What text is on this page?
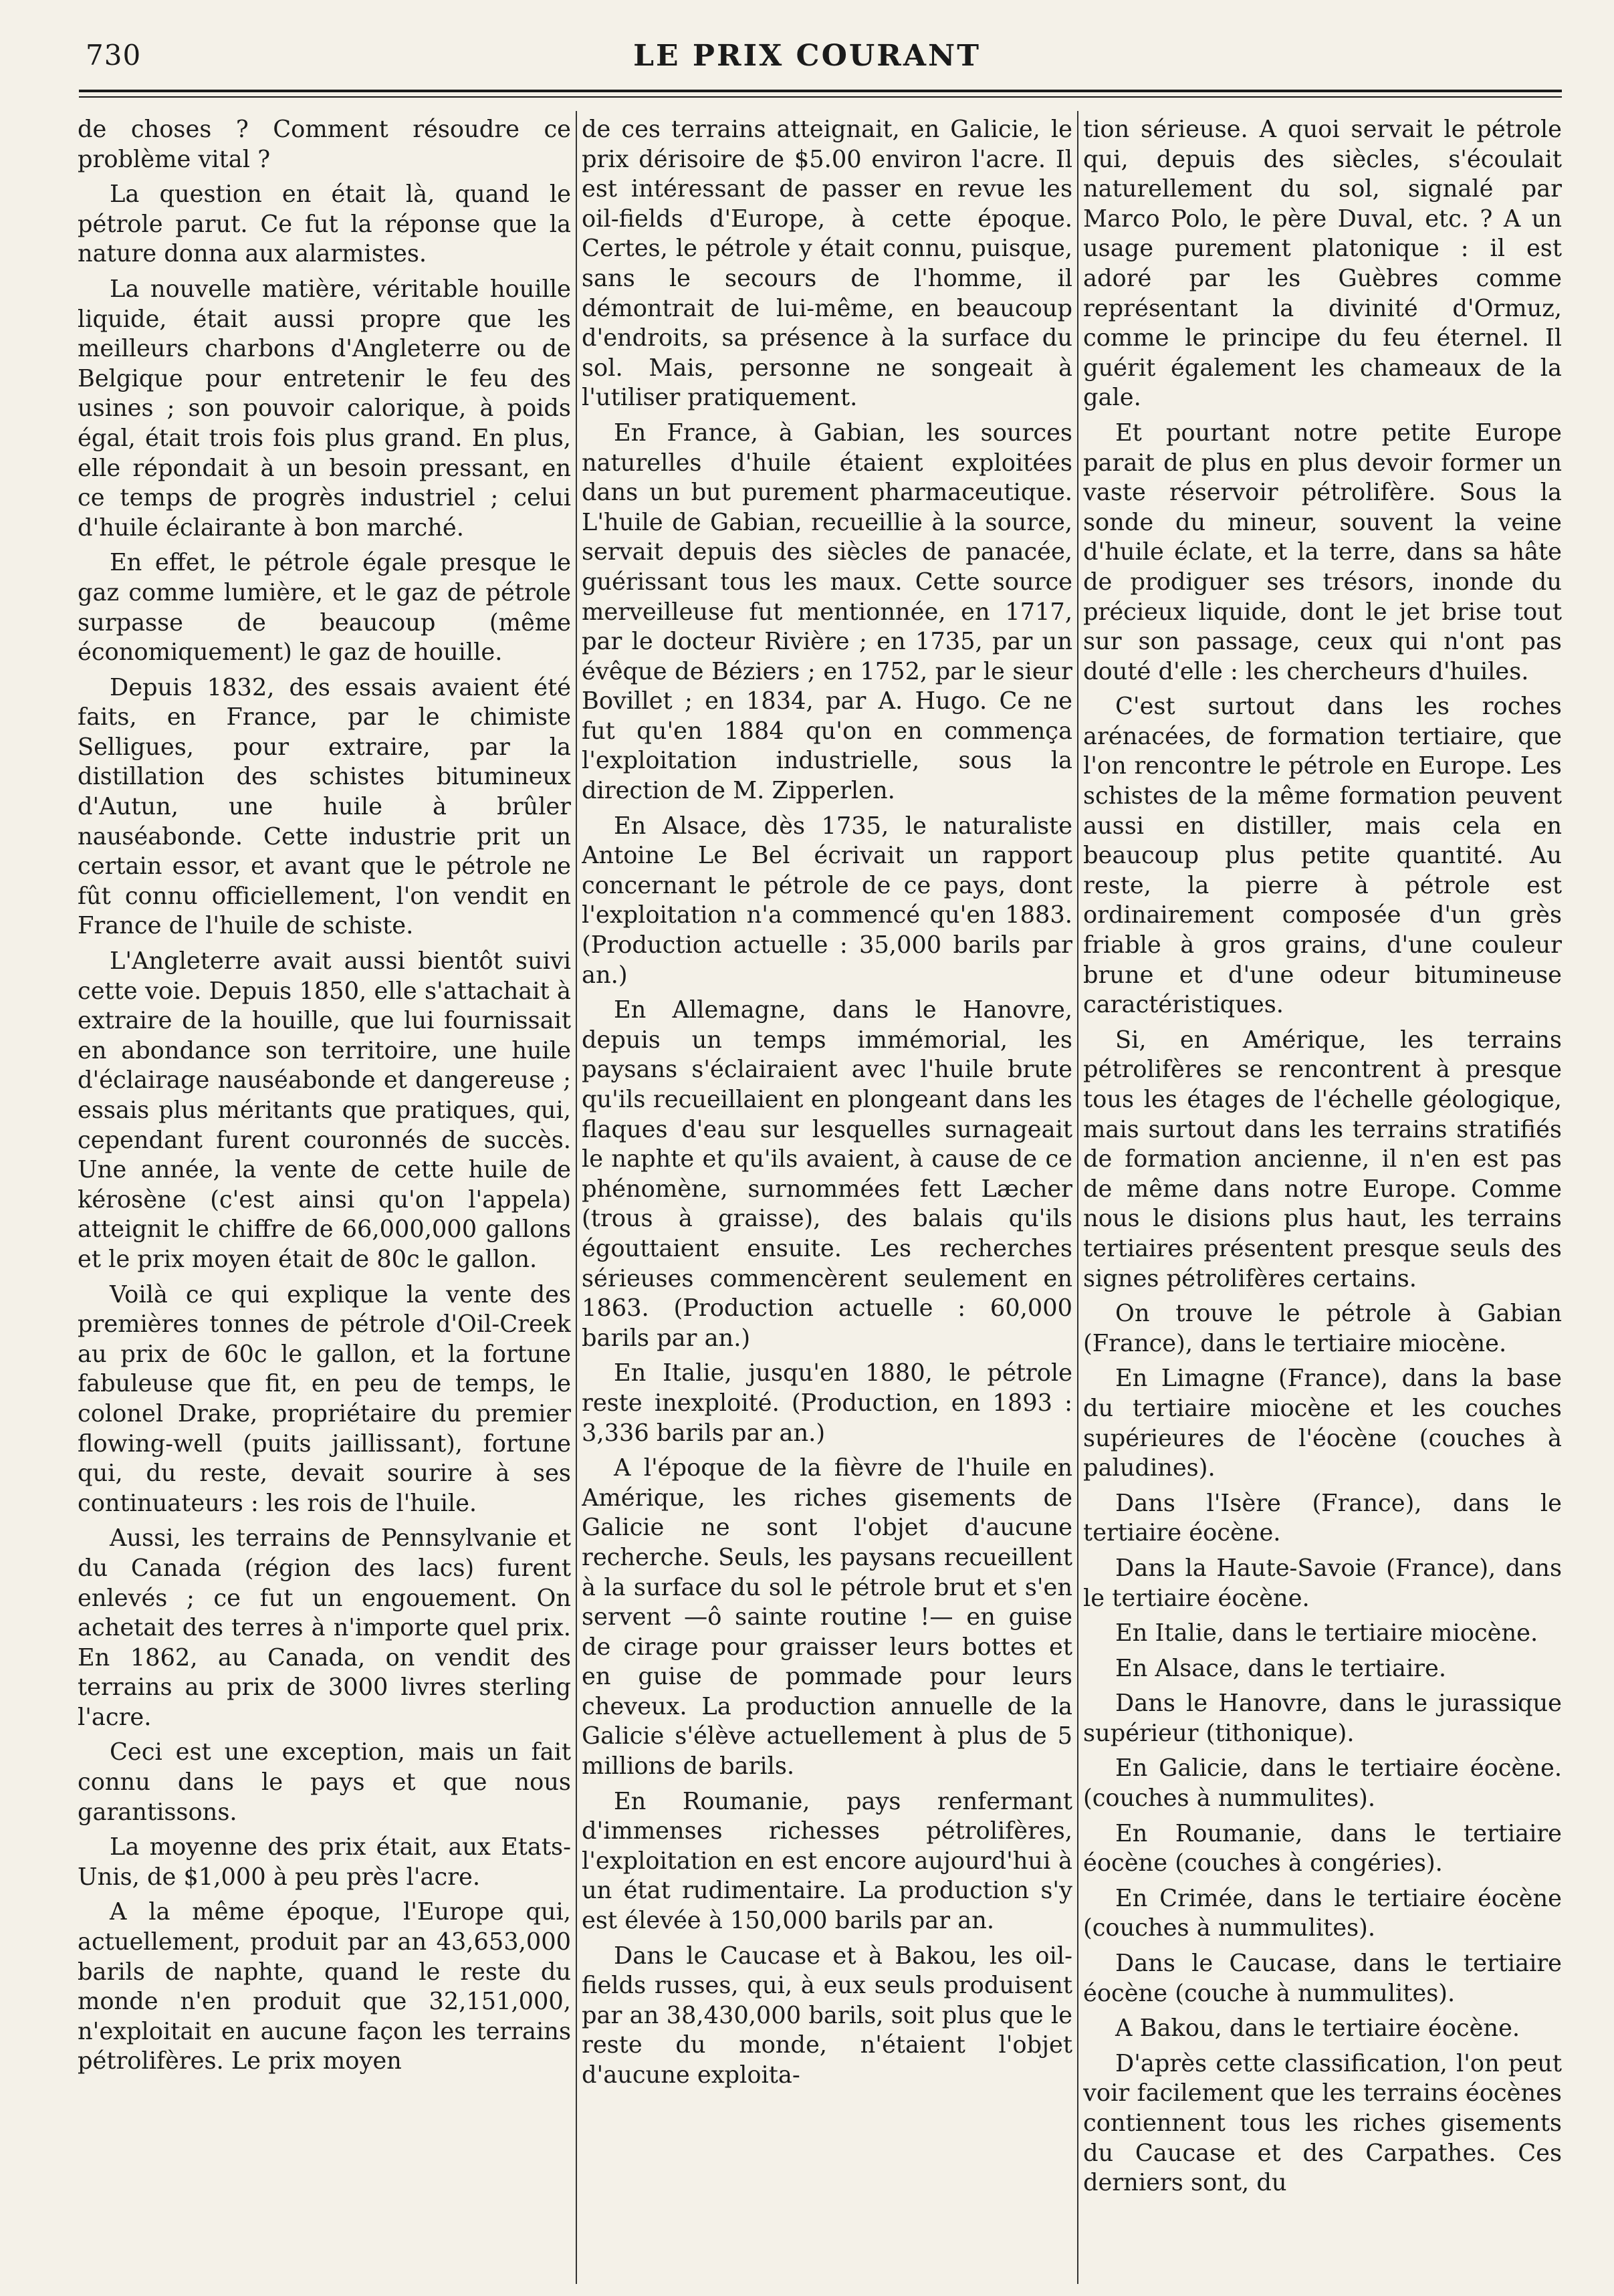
730	LE PRIX COURANT

de choses ? Comment résoudre ce problème vital ?

La question en était là, quand le pétrole parut. Ce fut la réponse que la nature donna aux alarmistes.

La nouvelle matière, véritable houille liquide, était aussi propre que les meilleurs charbons d'Angleterre ou de Belgique pour entretenir le feu des usines ; son pouvoir calorique, à poids égal, était trois fois plus grand. En plus, elle répondait à un besoin pressant, en ce temps de progrès industriel ; celui d'huile éclairante à bon marché.

En effet, le pétrole égale presque le gaz comme lumière, et le gaz de pétrole surpasse de beaucoup (même économiquement) le gaz de houille.

Depuis 1832, des essais avaient été faits, en France, par le chimiste Selligues, pour extraire, par la distillation des schistes bitumineux d'Autun, une huile à brûler nauséabonde. Cette industrie prit un certain essor, et avant que le pétrole ne fût connu officiellement, l'on vendit en France de l'huile de schiste.

L'Angleterre avait aussi bientôt suivi cette voie. Depuis 1850, elle s'attachait à extraire de la houille, que lui fournissait en abondance son territoire, une huile d'éclairage nauséabonde et dangereuse ; essais plus méritants que pratiques, qui, cependant furent couronnés de succès. Une année, la vente de cette huile de kérosène (c'est ainsi qu'on l'appela) atteignit le chiffre de 66,000,000 gallons et le prix moyen était de 80c le gallon.

Voilà ce qui explique la vente des premières tonnes de pétrole d'Oil-Creek au prix de 60c le gallon, et la fortune fabuleuse que fit, en peu de temps, le colonel Drake, propriétaire du premier flowing-well (puits jaillissant), fortune qui, du reste, devait sourire à ses continuateurs : les rois de l'huile.

Aussi, les terrains de Pennsylvanie et du Canada (région des lacs) furent enlevés ; ce fut un engouement. On achetait des terres à n'importe quel prix. En 1862, au Canada, on vendit des terrains au prix de 3000 livres sterling l'acre.

Ceci est une exception, mais un fait connu dans le pays et que nous garantissons.

La moyenne des prix était, aux Etats-Unis, de $1,000 à peu près l'acre.

A la même époque, l'Europe qui, actuellement, produit par an 43,653,000 barils de naphte, quand le reste du monde n'en produit que 32,151,000, n'exploitait en aucune façon les terrains pétrolifères. Le prix moyen

de ces terrains atteignait, en Galicie, le prix dérisoire de $5.00 environ l'acre. Il est intéressant de passer en revue les oil-fields d'Europe, à cette époque. Certes, le pétrole y était connu, puisque, sans le secours de l'homme, il démontrait de lui-même, en beaucoup d'endroits, sa présence à la surface du sol. Mais, personne ne songeait à l'utiliser pratiquement.

En France, à Gabian, les sources naturelles d'huile étaient exploitées dans un but purement pharmaceutique. L'huile de Gabian, recueillie à la source, servait depuis des siècles de panacée, guérissant tous les maux. Cette source merveilleuse fut mentionnée, en 1717, par le docteur Rivière ; en 1735, par un évêque de Béziers ; en 1752, par le sieur Bovillet ; en 1834, par A. Hugo. Ce ne fut qu'en 1884 qu'on en commença l'exploitation industrielle, sous la direction de M. Zipperlen.

En Alsace, dès 1735, le naturaliste Antoine Le Bel écrivait un rapport concernant le pétrole de ce pays, dont l'exploitation n'a commencé qu'en 1883. (Production actuelle : 35,000 barils par an.)

En Allemagne, dans le Hanovre, depuis un temps immémorial, les paysans s'éclairaient avec l'huile brute qu'ils recueillaient en plongeant dans les flaques d'eau sur lesquelles surnageait le naphte et qu'ils avaient, à cause de ce phénomène, surnommées fett Læcher (trous à graisse), des balais qu'ils égouttaient ensuite. Les recherches sérieuses commencèrent seulement en 1863. (Production actuelle : 60,000 barils par an.)

En Italie, jusqu'en 1880, le pétrole reste inexploité. (Production, en 1893 : 3,336 barils par an.)

A l'époque de la fièvre de l'huile en Amérique, les riches gisements de Galicie ne sont l'objet d'aucune recherche. Seuls, les paysans recueillent à la surface du sol le pétrole brut et s'en servent —ô sainte routine !— en guise de cirage pour graisser leurs bottes et en guise de pommade pour leurs cheveux. La production annuelle de la Galicie s'élève actuellement à plus de 5 millions de barils.

En Roumanie, pays renfermant d'immenses richesses pétrolifères, l'exploitation en est encore aujourd'hui à un état rudimentaire. La production s'y est élevée à 150,000 barils par an.

Dans le Caucase et à Bakou, les oil-fields russes, qui, à eux seuls produisent par an 38,430,000 barils, soit plus que le reste du monde, n'étaient l'objet d'aucune exploita-

tion sérieuse. A quoi servait le pétrole qui, depuis des siècles, s'écoulait naturellement du sol, signalé par Marco Polo, le père Duval, etc. ? A un usage purement platonique : il est adoré par les Guèbres comme représentant la divinité d'Ormuz, comme le principe du feu éternel. Il guérit également les chameaux de la gale.

Et pourtant notre petite Europe parait de plus en plus devoir former un vaste réservoir pétrolifère. Sous la sonde du mineur, souvent la veine d'huile éclate, et la terre, dans sa hâte de prodiguer ses trésors, inonde du précieux liquide, dont le jet brise tout sur son passage, ceux qui n'ont pas douté d'elle : les chercheurs d'huiles.

C'est surtout dans les roches arénacées, de formation tertiaire, que l'on rencontre le pétrole en Europe. Les schistes de la même formation peuvent aussi en distiller, mais cela en beaucoup plus petite quantité. Au reste, la pierre à pétrole est ordinairement composée d'un grès friable à gros grains, d'une couleur brune et d'une odeur bitumineuse caractéristiques.

Si, en Amérique, les terrains pétrolifères se rencontrent à presque tous les étages de l'échelle géologique, mais surtout dans les terrains stratifiés de formation ancienne, il n'en est pas de même dans notre Europe. Comme nous le disions plus haut, les terrains tertiaires présentent presque seuls des signes pétrolifères certains.

On trouve le pétrole à Gabian (France), dans le tertiaire miocène.

En Limagne (France), dans la base du tertiaire miocène et les couches supérieures de l'éocène (couches à paludines).

Dans l'Isère (France), dans le tertiaire éocène.

Dans la Haute-Savoie (France), dans le tertiaire éocène.

En Italie, dans le tertiaire miocène.

En Alsace, dans le tertiaire.

Dans le Hanovre, dans le jurassique supérieur (tithonique).

En Galicie, dans le tertiaire éocène. (couches à nummulites).

En Roumanie, dans le tertiaire éocène (couches à congéries).

En Crimée, dans le tertiaire éocène (couches à nummulites).

Dans le Caucase, dans le tertiaire éocène (couche à nummulites).

A Bakou, dans le tertiaire éocène.

D'après cette classification, l'on peut voir facilement que les terrains éocènes contiennent tous les riches gisements du Caucase et des Carpathes. Ces derniers sont, du
